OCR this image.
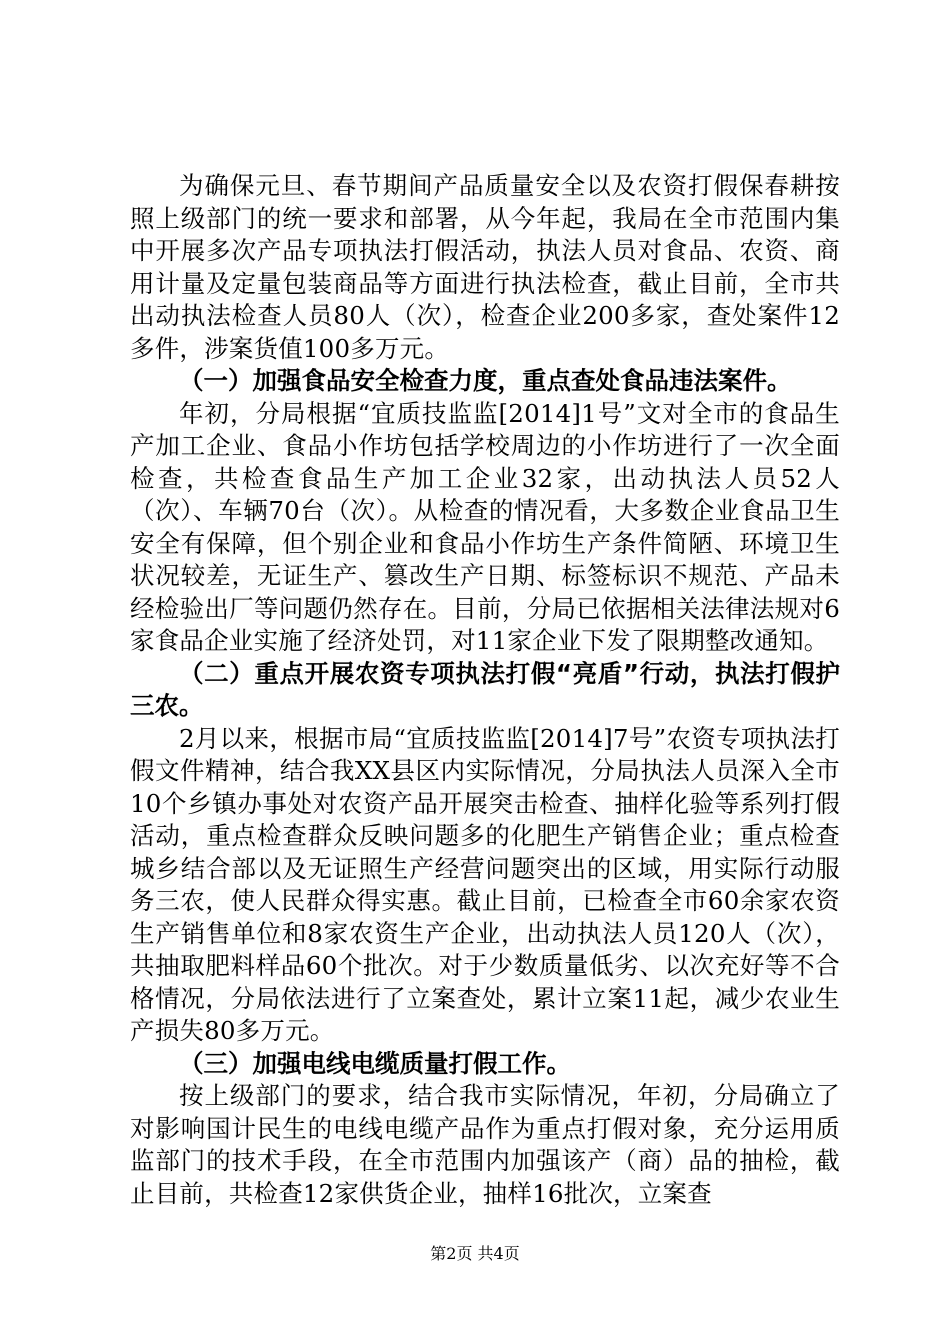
为确保元旦、春节期间产品质量安全以及农资打假保春耕按照上级部门的统一要求和部署，从今年起，我局在全市范围内集中开展多次产品专项执法打假活动，执法人员对食品、农资、商用计量及定量包装商品等方面进行执法检查，截止目前，全市共出动执法检查人员80人（次），检查企业200多家，查处案件12多件，涉案货值100多万元。

（一）加强食品安全检查力度，重点查处食品违法案件。

年初，分局根据“宜质技监监[2014]1号”文对全市的食品生产加工企业、食品小作坊包括学校周边的小作坊进行了一次全面检查，共检查食品生产加工企业32家，出动执法人员52人（次）、车辆70台（次）。从检查的情况看，大多数企业食品卫生安全有保障，但个别企业和食品小作坊生产条件简陋、环境卫生状况较差，无证生产、篡改生产日期、标签标识不规范、产品未经检验出厂等问题仍然存在。目前，分局已依据相关法律法规对6家食品企业实施了经济处罚，对11家企业下发了限期整改通知。

（二）重点开展农资专项执法打假“亮盾”行动，执法打假护三农。

2月以来，根据市局“宜质技监监[2014]7号”农资专项执法打假文件精神，结合我XX县区内实际情况，分局执法人员深入全市10个乡镇办事处对农资产品开展突击检查、抽样化验等系列打假活动，重点检查群众反映问题多的化肥生产销售企业；重点检查城乡结合部以及无证照生产经营问题突出的区域，用实际行动服务三农，使人民群众得实惠。截止目前，已检查全市60余家农资生产销售单位和8家农资生产企业，出动执法人员120人（次），共抽取肥料样品60个批次。对于少数质量低劣、以次充好等不合格情况，分局依法进行了立案查处，累计立案11起，减少农业生产损失80多万元。

（三）加强电线电缆质量打假工作。

按上级部门的要求，结合我市实际情况，年初，分局确立了对影响国计民生的电线电缆产品作为重点打假对象，充分运用质监部门的技术手段，在全市范围内加强该产（商）品的抽检，截止目前，共检查12家供货企业，抽样16批次，立案查

第2页 共4页
